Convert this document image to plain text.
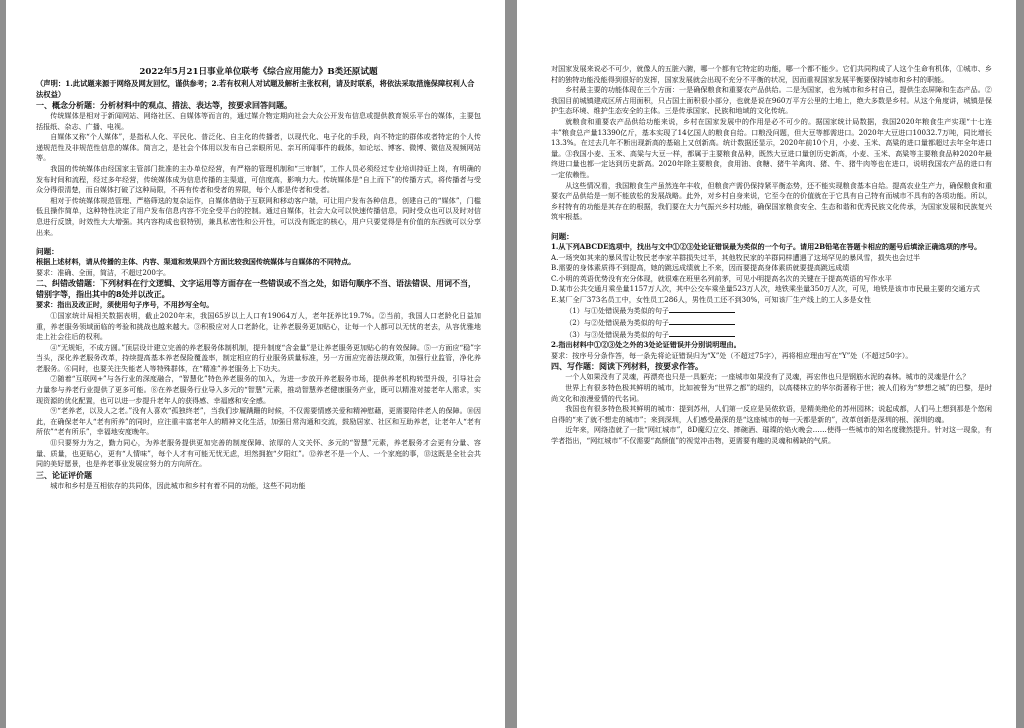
2022年5月21日事业单位联考《综合应用能力》B类还原试题

（声明：1.此试题来源于网络及网友回忆，谨供参考；2.若有权利人对试题及解析主张权利，请及时联系，将依法采取措施保障权利人合法权益）

一、概念分析题：分析材料中的观点、措法、表达等，按要求回答问题。

传统媒体是相对于新闻网站、网络社区、自媒体等而言的，通过媒介物定期向社会大众公开发布信息或提供教育娱乐平台的媒体，主要包括报纸、杂志、广播、电视。

自媒体又称“个人媒体”，是指私人化、平民化、普泛化、自主化的传播者，以现代化、电子化的手段，向不特定的群体或者特定的个人传递规范性及非规范性信息的媒体。简言之，是社会个体用以发布自己亲眼所见、亲耳所闻事件的载体，如论坛、博客、微博、微信及视频网站等。

我国的传统媒体由经国家主管部门批准的主办单位经营，有严格的管理机制和“三审制”，工作人员必须经过专业培训持证上岗，有明确的发布时间和流程，经过多年经营，传统媒体成为信息传播的主渠道，可信度高，影响力大。传统媒体是“自上而下”的传播方式，将传播者与受众分得很清楚，而自媒体打破了这种局限，不再有传者和受者的界限，每个人都是传者和受者。

相对于传统媒体规范管理、严格筛选的复杂运作，自媒体借助于互联网和移动客户端，可让用户发布各种信息，创建自己的“媒体”，门槛低且操作简单，这种特性决定了用户发布信息内容不完全受平台的控制。通过自媒体，社会大众可以快速传播信息，同时受众也可以及时对信息进行反馈，时效性大大增强。其内容构成也很特别，兼具私密性和公开性，可以没有既定的核心，用户只要觉得是有价值的东西就可以分享出来。

问题：

根据上述材料，请从传播的主体、内容、渠道和效果四个方面比较我国传统媒体与自媒体的不同特点。

要求：准确、全面，简洁，不超过200字。

二、纠错改错题：下列材料在行文逻辑、文字运用等方面存在一些错误或不当之处，如语句顺序不当、语法错误、用词不当，错别字等，指出其中的8处并以改正。

要求：指出及改正时，须使用句子序号，不用抄写全句。

①国家统计局相关数据表明，截止2020年末，我国65岁以上人口有19064万人，老年抚养比19.7%。②当前，我国人口老龄化日益加重，养老服务领域面临的考验和挑战也越来越大。③积极应对人口老龄化，让养老服务更加贴心，让每一个人都可以无忧的老去，从容优雅地走上社会往后的权利。

④“无规矩，不成方圆。”顶层设计建立完善的养老服务体制机制，提升制度“含金量”是让养老服务更加贴心的有效保障。⑤一方面应“稳”字当头，深化养老服务改革，持续提高基本养老保险覆盖率，制定相应的行业服务质量标准，另一方面应完善法规政策，加强行业监管，净化养老服务。⑥同时，也要关注失能老人等特殊群体，在“精准”养老服务上下功夫。

⑦随着“互联网+”与各行业的深度融合，“智慧化”特色养老服务的加入，为进一步放开养老服务市场，提供养老机构转型升级，引导社会力量参与养老行业提供了更多可能。⑧在养老服务行业导入多元的“智慧”元素，推动智慧养老健康服务产业，既可以精准对接老年人需求，实现资源的优化配置，也可以进一步提升老年人的获得感、幸福感和安全感。

⑨“老养老，以及人之老。”没有人喜欢“孤独终老”，当我们步履蹒跚的时候，不仅需要情感关爱和精神慰藉，更需要陪伴老人的保障。⑩因此，在确保老年人“老有所养”的同时，应注重丰富老年人的精神文化生活，加强日常沟通和交流，鼓励居家、社区和互助养老，让老年人“老有所依”“老有所乐”，幸福地安度晚年。

⑪只要努力为之，勤力同心，为养老服务提供更加完善的制度保障、浓厚的人文关怀、多元的“智慧”元素，养老服务才会更有分量、容量、质量，也更贴心，更有“人情味”，每个人才有可能无忧无虑，坦然拥抱“夕阳红”。⑫养老不是一个人、一个家庭的事，⑬这既是全社会共同的美好愿景，也是养老事业发展应努力的方向所在。

三、论证评价题

城市和乡村是互相依存的共同体，因此城市和乡村有着不同的功能，这些不同功能

对国家发展来说必不可少，就像人的五脏六腑，哪一个都有它特定的功能，哪一个都不能少。它们共同构成了人这个生命有机体，①城市、乡村的独特功能没能得到很好的发挥，国家发展就会出现不充分不平衡的状况，因而重视国家发展平衡要保持城市和乡村的职能。

乡村最主要的功能体现在三个方面：一是确保粮食和重要农产品供给。二是为国家，也为城市和乡村自己，提供生态屏障和生态产品。②我国目前城镇建成区所占用面积，只占国土面积很小部分，也就是说在960万平方公里的土地上，绝大多数是乡村。从这个角度讲，城镇是保护生态环境、维护生态安全的主体。三是传承国家、民族和地域的文化传统。

就粮食和重要农产品供给功能来说，乡村在国家发展中的作用是必不可少的。据国家统计局数据，我国2020年粮食生产实现“十七连丰”粮食总产量13390亿斤，基本实现了14亿国人的粮食自给。口粮没问题，但大豆等都需进口。2020年大豆进口10032.7万吨，同比增长13.3%。在过去几年不断出现新高的基础上又创新高。统计数据还显示，2020年前10个月，小麦、玉米、高粱的进口量都超过去年全年进口量。③我国小麦、玉米、高粱与大豆一样，都属于主要粮食品种，既然大豆进口量创历史新高，小麦、玉米、高粱等主要粮食品种2020年最终进口量也都一定达到历史新高。2020年除主要粮食，食用油、食糖、猪牛羊禽肉、猪、牛、猪牛肉等也在进口，说明我国农产品的进口有一定依赖性。

从这些情况看，我国粮食生产虽然连年丰收，但粮食产需仍保持紧平衡态势，还不能实现粮食基本自给。提高农业生产力，确保粮食和重要农产品供给是一刻不能放松的发展战略。此外，对乡村自身来说，它至今在的价值就在于它具有自己特有而城市不具有的各项功能。所以，乡村特有的功能是其存在的根据，我们要在大力气振兴乡村功能，确保国家粮食安全、生态和谐和优秀民族文化传承，为国家发展和民族复兴筑牢根基。

问题：

1.从下列ABCDE选项中，找出与文中①②③处论证错误最为类似的一个句子。请用2B铅笔在答题卡相应的题号后填涂正确选项的序号。

A.一场突如其来的暴风雪让牧民老李家羊群损失过半，其他牧民家的羊群同样遭遇了这场罕见的暴风雪，损失也会过半

B.需要的身体素质得不到提高，她的跳远成绩就上不来，因而要提高身体素质就要提高跳远成绩

C.小明的英语优势没有充分体现，就很难在班里名列前茅，可见小明提高名次的关键在于提高英语的写作水平

D.某市公共交通月乘坐量1157万人次，其中公交车乘坐量523万人次，地铁乘坐量350万人次，可见，地铁是该市市民最主要的交通方式

E.某厂全厂373名员工中，女性员工286人，男性员工还不到30%，可知该厂生产线上的工人多是女性

（1）与①处错误最为类似的句子

（2）与②处错误最为类似的句子

（3）与③处错误最为类似的句子

2.指出材料中①②③处之外的3处论证错误并分别说明理由。

要求：按序号分条作答，每一条先将论证错误归为“X”处（不超过75字），再将相应理由写在“Y”处（不超过50字）。

四、写作题：阅读下列材料，按要求作答。

一个人如果没有了灵魂，再漂亮也只是一具躯壳；一座城市如果没有了灵魂，再宏伟也只是钢筋水泥的森林。城市的灵魂是什么？

世界上有很多特色极其鲜明的城市，比如被誉为“世界之都”的纽约，以高楼林立的华尔街著称于世；被人们称为“梦想之城”的巴黎，是时尚文化和浪漫爱情的代名词。

我国也有很多特色极其鲜明的城市：提到苏州，人们第一反应是吴侬软语，是精美绝伦的苏州园林；说起成都，人们马上想到那是个悠闲自得的“来了就不想走的城市”；来到深圳，人们感受最深的是“这座城市的每一天都是新的”，改革创新是深圳的根、深圳的魂。

近年来，网络造就了一批“网红城市”，8D魔幻立交、摔碗酒、璀璨的焰火晚会……使得一些城市的知名度骤然提升。针对这一现象，有学者指出，“网红城市”不仅需要“高颜值”的视觉冲击物，更需要有趣的灵魂和稀缺的气质。
